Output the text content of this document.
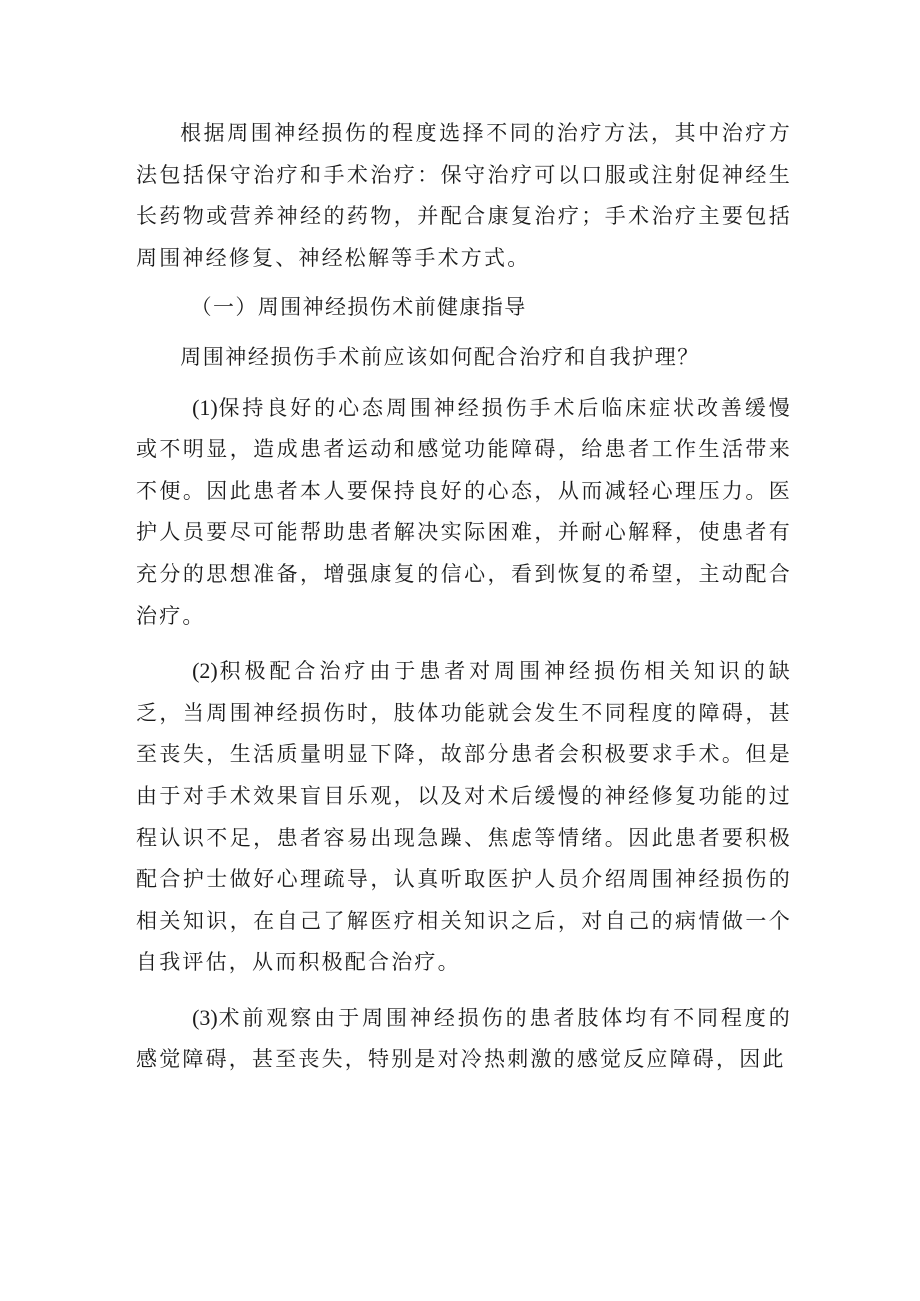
根据周围神经损伤的程度选择不同的治疗方法，其中治疗方法包括保守治疗和手术治疗：保守治疗可以口服或注射促神经生长药物或营养神经的药物，并配合康复治疗；手术治疗主要包括周围神经修复、神经松解等手术方式。

（一）周围神经损伤术前健康指导

周围神经损伤手术前应该如何配合治疗和自我护理？

(1)保持良好的心态周围神经损伤手术后临床症状改善缓慢或不明显，造成患者运动和感觉功能障碍，给患者工作生活带来不便。因此患者本人要保持良好的心态，从而减轻心理压力。医护人员要尽可能帮助患者解决实际困难，并耐心解释，使患者有充分的思想准备，增强康复的信心，看到恢复的希望，主动配合治疗。

(2)积极配合治疗由于患者对周围神经损伤相关知识的缺乏，当周围神经损伤时，肢体功能就会发生不同程度的障碍，甚至丧失，生活质量明显下降，故部分患者会积极要求手术。但是由于对手术效果盲目乐观，以及对术后缓慢的神经修复功能的过程认识不足，患者容易出现急躁、焦虑等情绪。因此患者要积极配合护士做好心理疏导，认真听取医护人员介绍周围神经损伤的相关知识，在自己了解医疗相关知识之后，对自己的病情做一个自我评估，从而积极配合治疗。

(3)术前观察由于周围神经损伤的患者肢体均有不同程度的感觉障碍，甚至丧失，特别是对冷热刺激的感觉反应障碍，因此
